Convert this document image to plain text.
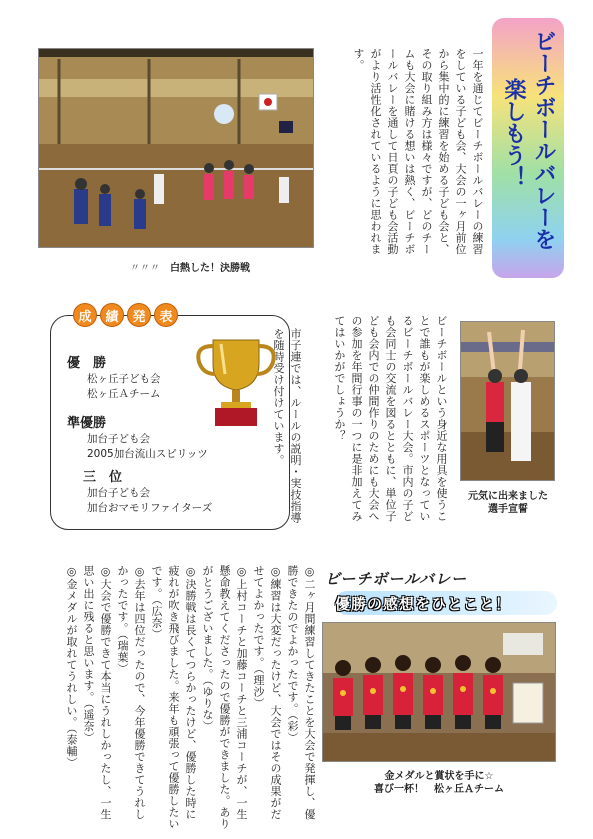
ビーチボールバレーを
楽しもう！
一年を通じてビーチボールバレーの練習をしている子ども会、大会の一ヶ月前位から集中的に練習を始める子ども会と、その取り組み方は様々ですが、どのチームも大会に賭ける想いは熱く、ビーチボールバレーを通して日頁の子ども会活動がより活性化されているように思われます。
〃〃〃　白熱した！決勝戦
ビーチボールという身近な用具を使うことで誰もが楽しめるスポーツとなっているビーチボールバレー大会。市内の子ども会同士の交流を図るとともに、単位子ども会内での仲間作りのためにも大会への参加を年間行事の一つに是非加えてみてはいかがでしょうか？
市子連では、ルールの説明・実技指導を随時受け付けています。
元気に出来ました
選手宣誓
成	績	発	表
優　勝
松ヶ丘子ども会
松ヶ丘Ａチーム
準優勝
加台子ども会
2005加台流山スピリッツ
三　位
加台子ども会
加台おマモリファイターズ
ビーチボールバレー
優勝の感想をひとこと！

◎二ヶ月間練習してきたことを大会で発揮し、優勝できたのでよかったです。（彩）

◎練習は大変だったけど、大会ではその成果がだせてよかったです。（理沙）

◎上村コーチと加藤コーチと三浦コーチが、一生懸命教えてくださったので優勝ができました。ありがとうございました。（ゆりな）

◎決勝戦は長くてつらかったけど、優勝した時に疲れが吹き飛びました。来年も頑張って優勝したいです。（広奈）

◎去年は四位だったので、今年優勝できてうれしかったです。（瑞葉）

◎大会で優勝できて本当にうれしかったし、一生思い出に残ると思います。（遥奈）

◎金メダルが取れてうれしい。（泰輔）

金メダルと賞状を手に☆
喜び一杯！　松ヶ丘Ａチーム
